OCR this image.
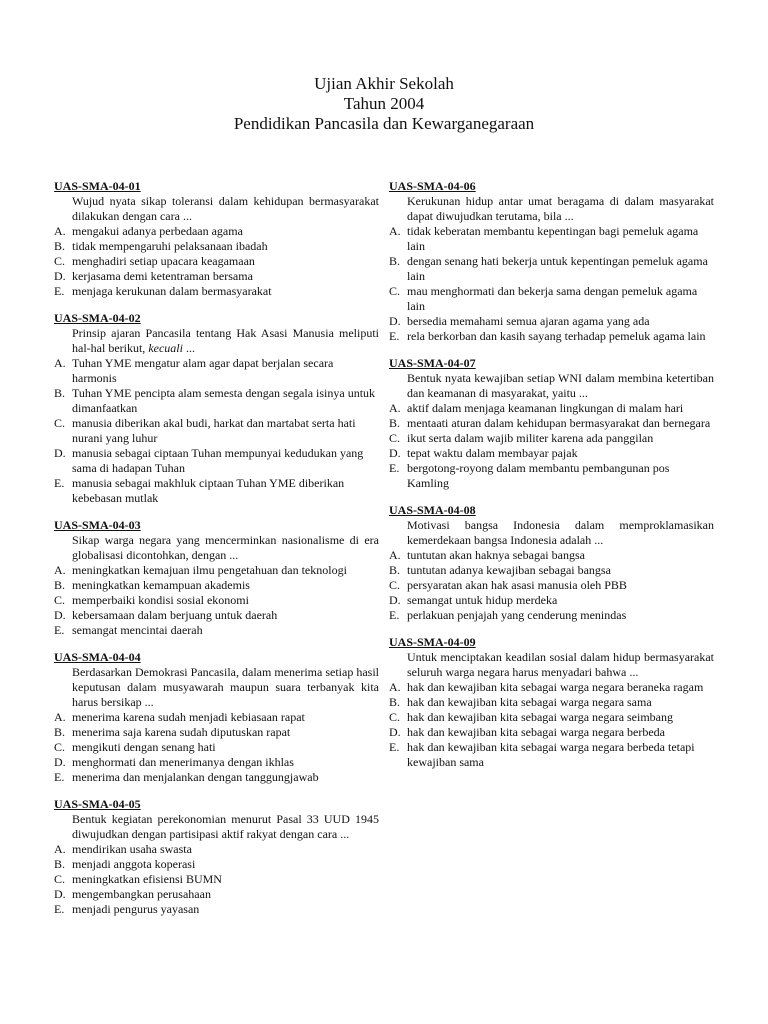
Ujian Akhir Sekolah
Tahun 2004
Pendidikan Pancasila dan Kewarganegaraan
UAS-SMA-04-01
Wujud nyata sikap toleransi dalam kehidupan bermasyarakat dilakukan dengan cara ...
A. mengakui adanya perbedaan agama
B. tidak mempengaruhi pelaksanaan ibadah
C. menghadiri setiap upacara keagamaan
D. kerjasama demi ketentraman bersama
E. menjaga kerukunan dalam bermasyarakat
UAS-SMA-04-02
Prinsip ajaran Pancasila tentang Hak Asasi Manusia meliputi hal-hal berikut, kecuali ...
A. Tuhan YME mengatur alam agar dapat berjalan secara harmonis
B. Tuhan YME pencipta alam semesta dengan segala isinya untuk dimanfaatkan
C. manusia diberikan akal budi, harkat dan martabat serta hati nurani yang luhur
D. manusia sebagai ciptaan Tuhan mempunyai kedudukan yang sama di hadapan Tuhan
E. manusia sebagai makhluk ciptaan Tuhan YME diberikan kebebasan mutlak
UAS-SMA-04-03
Sikap warga negara yang mencerminkan nasionalisme di era globalisasi dicontohkan, dengan ...
A. meningkatkan kemajuan ilmu pengetahuan dan teknologi
B. meningkatkan kemampuan akademis
C. memperbaiki kondisi sosial ekonomi
D. kebersamaan dalam berjuang untuk daerah
E. semangat mencintai daerah
UAS-SMA-04-04
Berdasarkan Demokrasi Pancasila, dalam menerima setiap hasil keputusan dalam musyawarah maupun suara terbanyak kita harus bersikap ...
A. menerima karena sudah menjadi kebiasaan rapat
B. menerima saja karena sudah diputuskan rapat
C. mengikuti dengan senang hati
D. menghormati dan menerimanya dengan ikhlas
E. menerima dan menjalankan dengan tanggungjawab
UAS-SMA-04-05
Bentuk kegiatan perekonomian menurut Pasal 33 UUD 1945 diwujudkan dengan partisipasi aktif rakyat dengan cara ...
A. mendirikan usaha swasta
B. menjadi anggota koperasi
C. meningkatkan efisiensi BUMN
D. mengembangkan perusahaan
E. menjadi pengurus yayasan
UAS-SMA-04-06
Kerukunan hidup antar umat beragama di dalam masyarakat dapat diwujudkan terutama, bila ...
A. tidak keberatan membantu kepentingan bagi pemeluk agama lain
B. dengan senang hati bekerja untuk kepentingan pemeluk agama lain
C. mau menghormati dan bekerja sama dengan pemeluk agama lain
D. bersedia memahami semua ajaran agama yang ada
E. rela berkorban dan kasih sayang terhadap pemeluk agama lain
UAS-SMA-04-07
Bentuk nyata kewajiban setiap WNI dalam membina ketertiban dan keamanan di masyarakat, yaitu ...
A. aktif dalam menjaga keamanan lingkungan di malam hari
B. mentaati aturan dalam kehidupan bermasyarakat dan bernegara
C. ikut serta dalam wajib militer karena ada panggilan
D. tepat waktu dalam membayar pajak
E. bergotong-royong dalam membantu pembangunan pos Kamling
UAS-SMA-04-08
Motivasi bangsa Indonesia dalam memproklamasikan kemerdekaan bangsa Indonesia adalah ...
A. tuntutan akan haknya sebagai bangsa
B. tuntutan adanya kewajiban sebagai bangsa
C. persyaratan akan hak asasi manusia oleh PBB
D. semangat untuk hidup merdeka
E. perlakuan penjajah yang cenderung menindas
UAS-SMA-04-09
Untuk menciptakan keadilan sosial dalam hidup bermasyarakat seluruh warga negara harus menyadari bahwa ...
A. hak dan kewajiban kita sebagai warga negara beraneka ragam
B. hak dan kewajiban kita sebagai warga negara sama
C. hak dan kewajiban kita sebagai warga negara seimbang
D. hak dan kewajiban kita sebagai warga negara berbeda
E. hak dan kewajiban kita sebagai warga negara berbeda tetapi kewajiban sama
